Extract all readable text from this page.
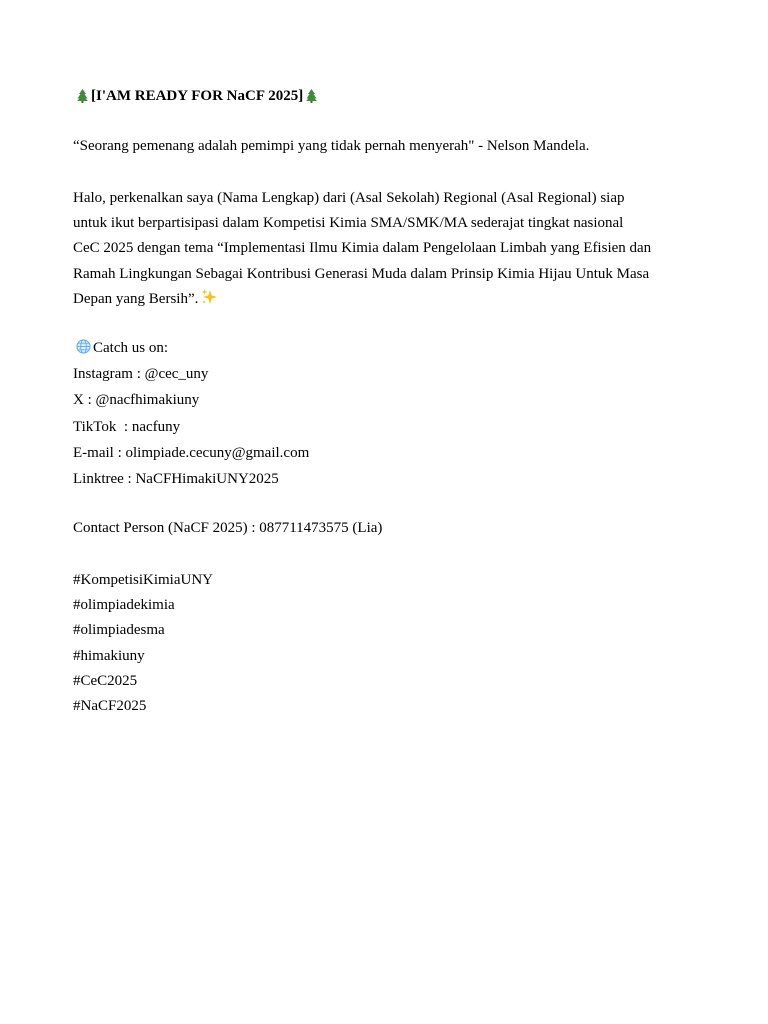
[I'AM READY FOR NaCF 2025]
“Seorang pemenang adalah pemimpi yang tidak pernah menyerah" - Nelson Mandela.
Halo, perkenalkan saya (Nama Lengkap) dari (Asal Sekolah) Regional (Asal Regional) siap
untuk ikut berpartisipasi dalam Kompetisi Kimia SMA/SMK/MA sederajat tingkat nasional
CeC 2025 dengan tema “Implementasi Ilmu Kimia dalam Pengelolaan Limbah yang Efisien dan
Ramah Lingkungan Sebagai Kontribusi Generasi Muda dalam Prinsip Kimia Hijau Untuk Masa
Depan yang Bersih”.
Catch us on:
Instagram : @cec_uny
X : @nacfhimakiuny
TikTok  : nacfuny
E-mail : olimpiade.cecuny@gmail.com
Linktree : NaCFHimakiUNY2025
Contact Person (NaCF 2025) : 087711473575 (Lia)
#KompetisiKimiaUNY
#olimpiadekimia
#olimpiadesma
#himakiuny
#CeC2025
#NaCF2025
